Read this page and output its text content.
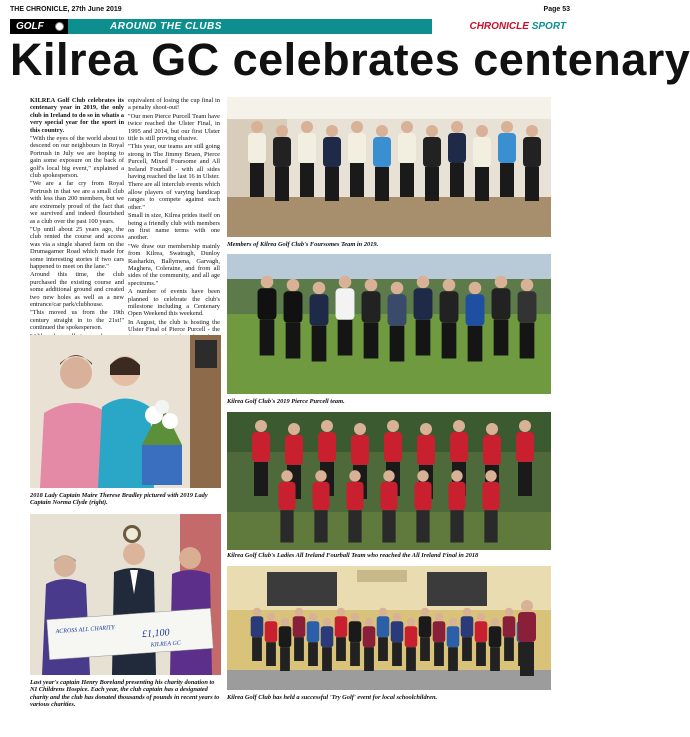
THE CHRONICLE, 27th June 2019	Page 53
GOLF	AROUND THE CLUBS	CHRONICLE SPORT
Kilrea GC celebrates centenary

KILREA Golf Club celebrates its centenary year in 2019, the only club in Ireland to do so in whatis a very special year for the sport in this country.

"With the eyes of the world about to descend on our neighbours in Royal Portrush in July we are hoping to gain some exposure on the back of golf's local big event," explained a club spokesperson.

"We are a far cry from Royal Portrush in that we are a small club with less than 200 members, but we are extremely proud of the fact that we survived and indeed flourished as a club over the past 100 years.

"Up until about 25 years ago, the club rented the course and access was via a single shared farm on the Drumagarner Road which made for some interesting stories if two cars happened to meet on the lane."

Around this time, the club purchased the existing course and some additional ground and created two new holes as well as a new entrance/car park/clubhouse.

"This moved us from the 19th century straight in to the 21st!" continued the spokesperson.

equivalent of losing the cup final in a penalty shoot-out!

"Our men Pierce Purcell Team have twice reached the Ulster Final, in 1995 and 2014, but our first Ulster title is still proving elusive.

"This year, our teams are still going strong in The Jimmy Bruen, Pierce Purcell, Mixed Foursome and All Ireland Fourball - with all sides having reached the last 16 in Ulster.

There are all interclub events which allow players of varying handicap ranges to compete against each other."

Small in size, Kilrea prides itself on being a friendly club with members on first name terms with one another.

"We draw our membership mainly from Kilrea, Swatragh, Dunloy Rasharkin, Ballymena, Garvagh, Maghera, Coleraine, and from all sides of the community, and all age spectrums."

A number of events have been planned to celebrate the club's milestone including a Centenary Open Weekend this weekend.

In August, the club is hosting the Ulster Final of Pierce Purcell - the

Members of Kilrea Golf Club's Foursomes Team in 2019.
Kilrea Golf Club's 2019 Pierce Purcell team.
2018 Lady Captain Maire Therese Bradley pictured with 2019 Lady Captain Norma Clyde (right).
Kilrea Golf Club's Ladies All Ireland Fourball Team who reached the All Ireland Final in 2018
ACROSS ALL CHARITY	£1,100
KILREA GC
Last year's captain Henry Boreland presenting his charity donation to NI Childrens Hospice. Each year, the club captain has a designated charity and the club has donated thousands of pounds in recent years to various charities.
Kilrea Golf Club has held a successful 'Try Golf' event for local schoolchildren.
